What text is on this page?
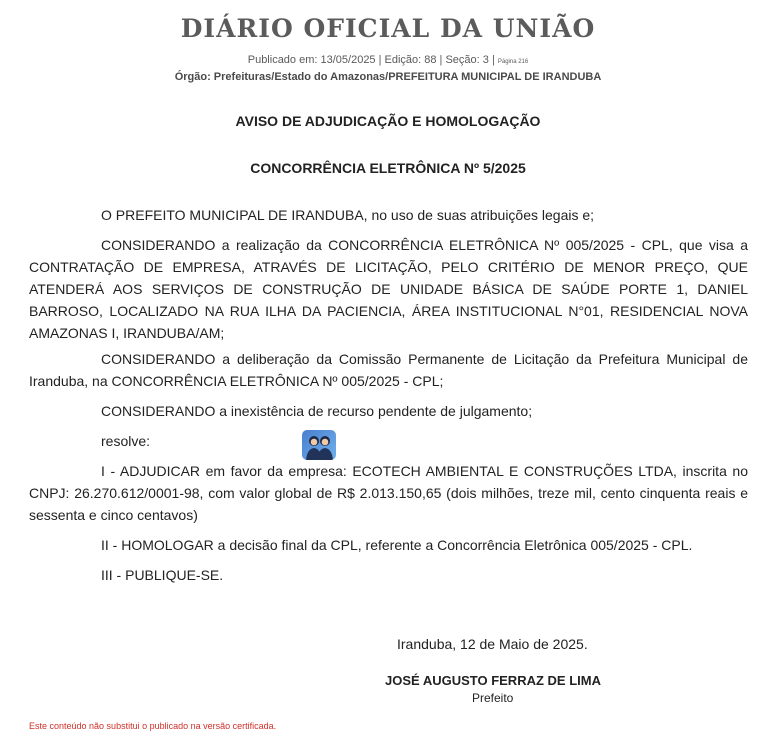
DIÁRIO OFICIAL DA UNIÃO
Publicado em: 13/05/2025 | Edição: 88 | Seção: 3 | Página 216
Órgão: Prefeituras/Estado do Amazonas/PREFEITURA MUNICIPAL DE IRANDUBA
AVISO DE ADJUDICAÇÃO E HOMOLOGAÇÃO
CONCORRÊNCIA ELETRÔNICA Nº 5/2025

O PREFEITO MUNICIPAL DE IRANDUBA, no uso de suas atribuições legais e;

CONSIDERANDO a realização da CONCORRÊNCIA ELETRÔNICA Nº 005/2025 - CPL, que visa a CONTRATAÇÃO DE EMPRESA, ATRAVÉS DE LICITAÇÃO, PELO CRITÉRIO DE MENOR PREÇO, QUE ATENDERÁ AOS SERVIÇOS DE CONSTRUÇÃO DE UNIDADE BÁSICA DE SAÚDE PORTE 1, DANIEL BARROSO, LOCALIZADO NA RUA ILHA DA PACIENCIA, ÁREA INSTITUCIONAL N°01, RESIDENCIAL NOVA AMAZONAS I, IRANDUBA/AM;

CONSIDERANDO a deliberação da Comissão Permanente de Licitação da Prefeitura Municipal de Iranduba, na CONCORRÊNCIA ELETRÔNICA Nº 005/2025 - CPL;

CONSIDERANDO a inexistência de recurso pendente de julgamento;

resolve:

I - ADJUDICAR em favor da empresa: ECOTECH AMBIENTAL E CONSTRUÇÕES LTDA, inscrita no CNPJ: 26.270.612/0001-98, com valor global de R$ 2.013.150,65 (dois milhões, treze mil, cento cinquenta reais e sessenta e cinco centavos)

II - HOMOLOGAR a decisão final da CPL, referente a Concorrência Eletrônica 005/2025 - CPL.

III - PUBLIQUE-SE.

Iranduba, 12 de Maio de 2025.
JOSÉ AUGUSTO FERRAZ DE LIMA
Prefeito
Este conteúdo não substitui o publicado na versão certificada.
